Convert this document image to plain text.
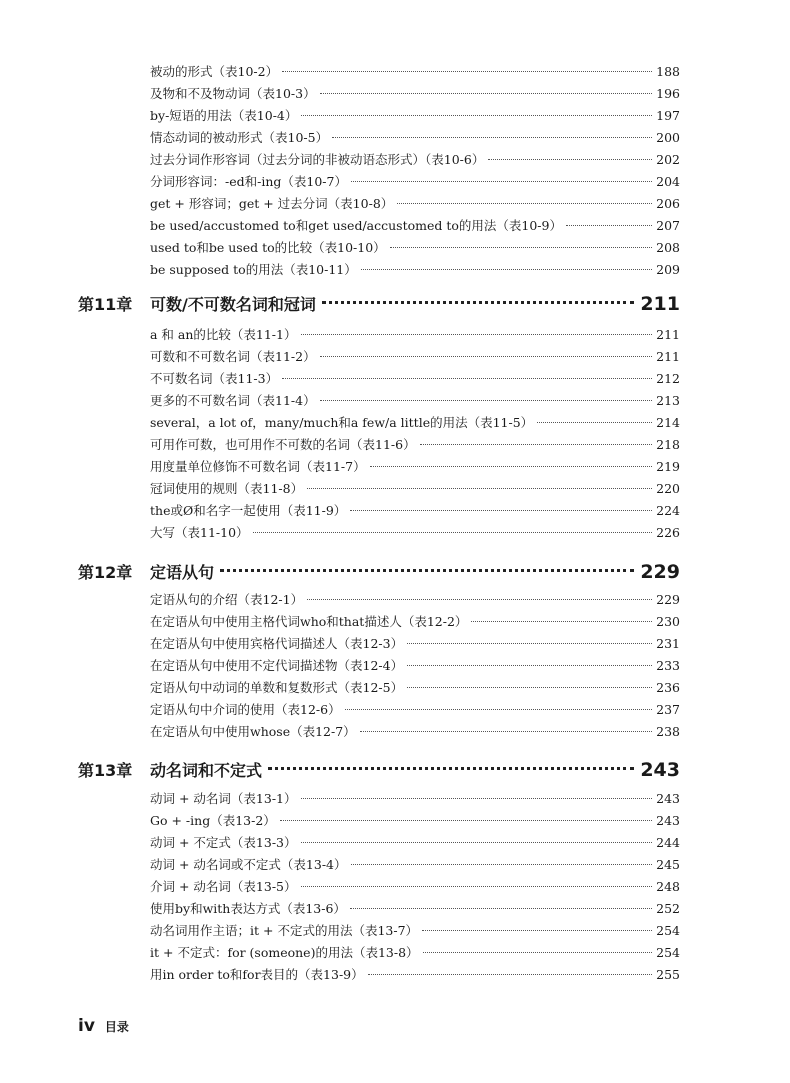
被动的形式（表10-2）	188
及物和不及物动词（表10-3）	196
by-短语的用法（表10-4）	197
情态动词的被动形式（表10-5）	200
过去分词作形容词（过去分词的非被动语态形式）（表10-6）	202
分词形容词：-ed和-ing（表10-7）	204
get + 形容词；get + 过去分词（表10-8）	206
be used/accustomed to和get used/accustomed to的用法（表10-9）	207
used to和be used to的比较（表10-10）	208
be supposed to的用法（表10-11）	209
第11章	可数/不可数名词和冠词	211
a 和 an的比较（表11-1）	211
可数和不可数名词（表11-2）	211
不可数名词（表11-3）	212
更多的不可数名词（表11-4）	213
several，a lot of，many/much和a few/a little的用法（表11-5）	214
可用作可数，也可用作不可数的名词（表11-6）	218
用度量单位修饰不可数名词（表11-7）	219
冠词使用的规则（表11-8）	220
the或Ø和名字一起使用（表11-9）	224
大写（表11-10）	226
第12章	定语从句	229
定语从句的介绍（表12-1）	229
在定语从句中使用主格代词who和that描述人（表12-2）	230
在定语从句中使用宾格代词描述人（表12-3）	231
在定语从句中使用不定代词描述物（表12-4）	233
定语从句中动词的单数和复数形式（表12-5）	236
定语从句中介词的使用（表12-6）	237
在定语从句中使用whose（表12-7）	238
第13章	动名词和不定式	243
动词 + 动名词（表13-1）	243
Go + -ing（表13-2）	243
动词 + 不定式（表13-3）	244
动词 + 动名词或不定式（表13-4）	245
介词 + 动名词（表13-5）	248
使用by和with表达方式（表13-6）	252
动名词用作主语；it + 不定式的用法（表13-7）	254
it + 不定式：for (someone)的用法（表13-8）	254
用in order to和for表目的（表13-9）	255
iv 目录
